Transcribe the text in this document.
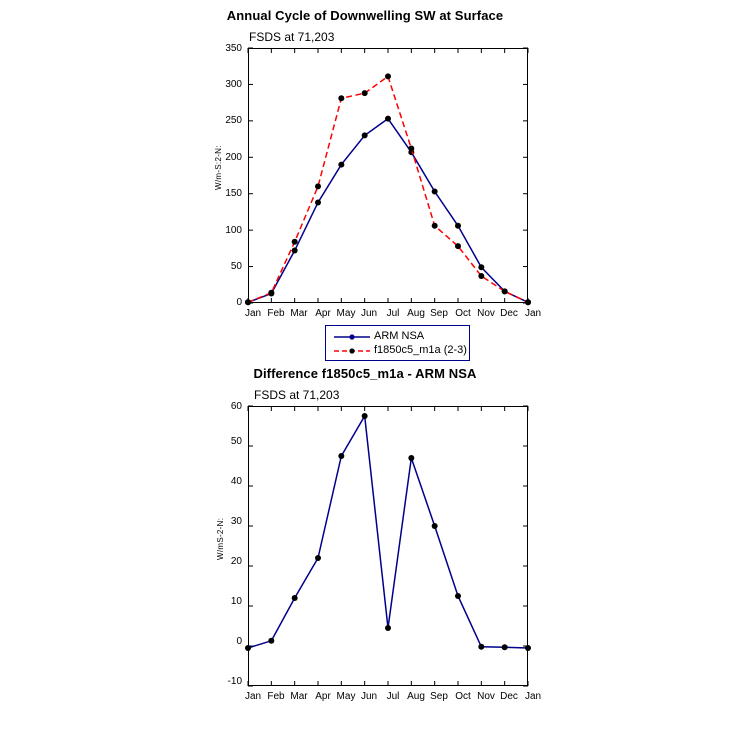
Annual Cycle of Downwelling SW at Surface
FSDS at 71,203
W/m-S:2-N:
350
300
250
200
150
100
50
0
Jan Feb Mar Apr May Jun Jul Aug Sep Oct Nov Dec Jan
ARM NSA
f1850c5_m1a (2-3)
Difference f1850c5_m1a - ARM NSA
FSDS at 71,203
W/mS-2-N:
60
50
40
30
20
10
0
-10
Jan Feb Mar Apr May Jun Jul Aug Sep Oct Nov Dec Jan
